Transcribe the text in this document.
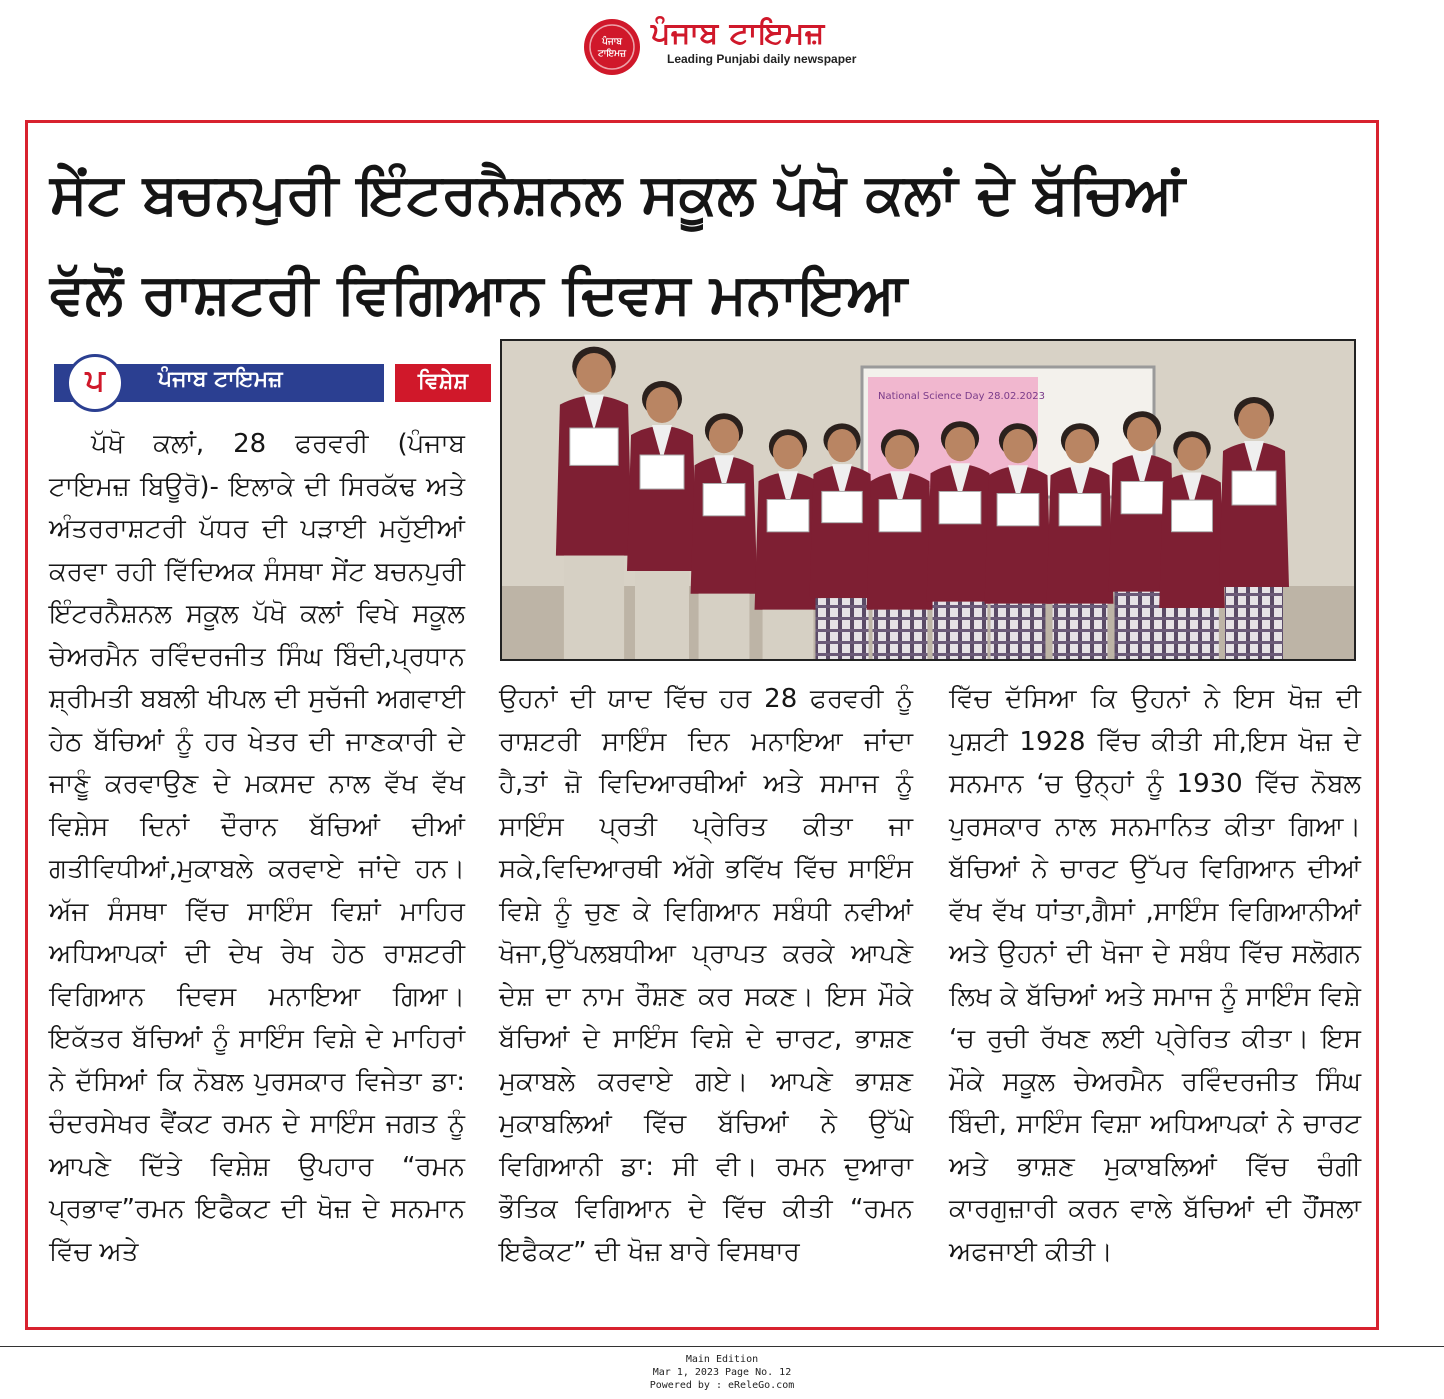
ਪੰਜਾਬ
ਟਾਇਮਜ਼
ਪੰਜਾਬ ਟਾਇਮਜ਼
Leading Punjabi daily newspaper
ਸੇਂਟ ਬਚਨਪੁਰੀ ਇੰਟਰਨੈਸ਼ਨਲ ਸਕੂਲ ਪੱਖੋ ਕਲਾਂ ਦੇ ਬੱਚਿਆਂ
ਵੱਲੋਂ ਰਾਸ਼ਟਰੀ ਵਿਗਿਆਨ ਦਿਵਸ ਮਨਾਇਆ
ਪ	ਪੰਜਾਬ ਟਾਇਮਜ਼	ਵਿਸ਼ੇਸ਼
National Science Day 28.02.2023

ਪੱਖੋ ਕਲਾਂ, 28 ਫਰਵਰੀ (ਪੰਜਾਬ ਟਾਇਮਜ਼ ਬਿਊਰੋ)- ਇਲਾਕੇ ਦੀ ਸਿਰਕੱਢ ਅਤੇ ਅੰਤਰਰਾਸ਼ਟਰੀ ਪੱਧਰ ਦੀ ਪੜਾਈ ਮਹੁੱਈਆਂ ਕਰਵਾ ਰਹੀ ਵਿੱਦਿਅਕ ਸੰਸਥਾ ਸੇਂਟ ਬਚਨਪੁਰੀ ਇੰਟਰਨੈਸ਼ਨਲ ਸਕੂਲ ਪੱਖੋ ਕਲਾਂ ਵਿਖੇ ਸਕੂਲ ਚੇਅਰਮੈਨ ਰਵਿੰਦਰਜੀਤ ਸਿੰਘ ਬਿੰਦੀ,ਪ੍ਰਧਾਨ ਸ਼੍ਰੀਮਤੀ ਬਬਲੀ ਖੀਪਲ ਦੀ ਸੁਚੱਜੀ ਅਗਵਾਈ ਹੇਠ ਬੱਚਿਆਂ ਨੂੰ ਹਰ ਖੇਤਰ ਦੀ ਜਾਣਕਾਰੀ ਦੇ ਜਾਣੂੰ ਕਰਵਾਉਣ ਦੇ ਮਕਸਦ ਨਾਲ ਵੱਖ ਵੱਖ ਵਿਸ਼ੇਸ ਦਿਨਾਂ ਦੌਰਾਨ ਬੱਚਿਆਂ ਦੀਆਂ ਗਤੀਵਿਧੀਆਂ,ਮੁਕਾਬਲੇ ਕਰਵਾਏ ਜਾਂਦੇ ਹਨ।ਅੱਜ ਸੰਸਥਾ ਵਿੱਚ ਸਾਇੰਸ ਵਿਸ਼ਾਂ ਮਾਹਿਰ ਅਧਿਆਪਕਾਂ ਦੀ ਦੇਖ ਰੇਖ ਹੇਠ ਰਾਸ਼ਟਰੀ ਵਿਗਿਆਨ ਦਿਵਸ ਮਨਾਇਆ ਗਿਆ। ਇਕੱਤਰ ਬੱਚਿਆਂ ਨੂੰ ਸਾਇੰਸ ਵਿਸ਼ੇ ਦੇ ਮਾਹਿਰਾਂ ਨੇ ਦੱਸਿਆਂ ਕਿ ਨੋਬਲ ਪੁਰਸਕਾਰ ਵਿਜੇਤਾ ਡਾ: ਚੰਦਰਸੇਖਰ ਵੈਂਕਟ ਰਮਨ ਦੇ ਸਾਇੰਸ ਜਗਤ ਨੂੰ ਆਪਣੇ ਦਿੱਤੇ ਵਿਸ਼ੇਸ਼ ਉਪਹਾਰ “ਰਮਨ ਪ੍ਰਭਾਵ”ਰਮਨ ਇਫੈਕਟ ਦੀ ਖੋਜ਼ ਦੇ ਸਨਮਾਨ ਵਿੱਚ ਅਤੇ

ਉਹਨਾਂ ਦੀ ਯਾਦ ਵਿੱਚ ਹਰ 28 ਫਰਵਰੀ ਨੂੰ ਰਾਸ਼ਟਰੀ ਸਾਇੰਸ ਦਿਨ ਮਨਾਇਆ ਜਾਂਦਾ ਹੈ,ਤਾਂ ਜ਼ੋ ਵਿਦਿਆਰਥੀਆਂ ਅਤੇ ਸਮਾਜ ਨੂੰ ਸਾਇੰਸ ਪ੍ਰਤੀ ਪ੍ਰੇਰਿਤ ਕੀਤਾ ਜਾ ਸਕੇ,ਵਿਦਿਆਰਥੀ ਅੱਗੇ ਭਵਿੱਖ ਵਿੱਚ ਸਾਇੰਸ ਵਿਸ਼ੇ ਨੂੰ ਚੁਣ ਕੇ ਵਿਗਿਆਨ ਸਬੰਧੀ ਨਵੀਆਂ ਖੋਜਾ,ਉੱਪਲਬਧੀਆ ਪ੍ਰਾਪਤ ਕਰਕੇ ਆਪਣੇ ਦੇਸ਼ ਦਾ ਨਾਮ ਰੌਸ਼ਣ ਕਰ ਸਕਣ। ਇਸ ਮੌਕੇ ਬੱਚਿਆਂ ਦੇ ਸਾਇੰਸ ਵਿਸ਼ੇ ਦੇ ਚਾਰਟ, ਭਾਸ਼ਣ ਮੁਕਾਬਲੇ ਕਰਵਾਏ ਗਏ। ਆਪਣੇ ਭਾਸ਼ਣ ਮੁਕਾਬਲਿਆਂ ਵਿੱਚ ਬੱਚਿਆਂ ਨੇ ਉੱਘੇ ਵਿਗਿਆਨੀ ਡਾ: ਸੀ ਵੀ। ਰਮਨ ਦੁਆਰਾ ਭੌਤਿਕ ਵਿਗਿਆਨ ਦੇ ਵਿੱਚ ਕੀਤੀ “ਰਮਨ ਇਫੈਕਟ” ਦੀ ਖੋਜ਼ ਬਾਰੇ ਵਿਸਥਾਰ

ਵਿੱਚ ਦੱਸਿਆ ਕਿ ਉਹਨਾਂ ਨੇ ਇਸ ਖੋਜ਼ ਦੀ ਪੁਸ਼ਟੀ 1928 ਵਿੱਚ ਕੀਤੀ ਸੀ,ਇਸ ਖੋਜ਼ ਦੇ ਸਨਮਾਨ ‘ਚ ਉਨ੍ਹਾਂ ਨੂੰ 1930 ਵਿੱਚ ਨੋਬਲ ਪੁਰਸਕਾਰ ਨਾਲ ਸਨਮਾਨਿਤ ਕੀਤਾ ਗਿਆ।ਬੱਚਿਆਂ ਨੇ ਚਾਰਟ ਉੱਪਰ ਵਿਗਿਆਨ ਦੀਆਂ ਵੱਖ ਵੱਖ ਧਾਂਤਾ,ਗੈਸਾਂ ,ਸਾਇੰਸ ਵਿਗਿਆਨੀਆਂ ਅਤੇ ਉਹਨਾਂ ਦੀ ਖੋਜਾ ਦੇ ਸਬੰਧ ਵਿੱਚ ਸਲੋਗਨ ਲਿਖ ਕੇ ਬੱਚਿਆਂ ਅਤੇ ਸਮਾਜ ਨੂੰ ਸਾਇੰਸ ਵਿਸ਼ੇ ‘ਚ ਰੁਚੀ ਰੱਖਣ ਲਈ ਪ੍ਰੇਰਿਤ ਕੀਤਾ। ਇਸ ਮੌਕੇ ਸਕੂਲ ਚੇਅਰਮੈਨ ਰਵਿੰਦਰਜੀਤ ਸਿੰਘ ਬਿੰਦੀ, ਸਾਇੰਸ ਵਿਸ਼ਾ ਅਧਿਆਪਕਾਂ ਨੇ ਚਾਰਟ ਅਤੇ ਭਾਸ਼ਣ ਮੁਕਾਬਲਿਆਂ ਵਿੱਚ ਚੰਗੀ ਕਾਰਗੁਜ਼ਾਰੀ ਕਰਨ ਵਾਲੇ ਬੱਚਿਆਂ ਦੀ ਹੌਂਸਲਾ ਅਫਜਾਈ ਕੀਤੀ।

Main Edition
Mar 1, 2023 Page No. 12
Powered by : eReleGo.com
